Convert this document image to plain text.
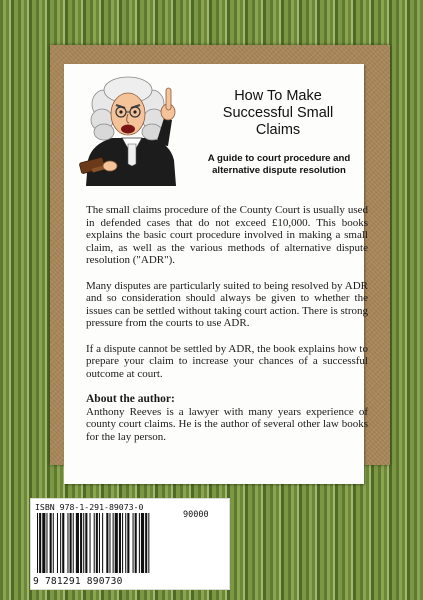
How To Make
Successful Small
Claims
A guide to court procedure and
alternative dispute resolution

The small claims procedure of the County Court is usually used in defended cases that do not exceed £10,000. This books explains the basic court procedure involved in making a small claim, as well as the various methods of alternative dispute resolution ("ADR").

Many disputes are particularly suited to being resolved by ADR and so consideration should always be given to whether the issues can be settled without taking court action. There is strong pressure from the courts to use ADR.

If a dispute cannot be settled by ADR, the book explains how to prepare your claim to increase your chances of a successful outcome at court.

About the author:
Anthony Reeves is a lawyer with many years experience of county court claims. He is the author of several other law books for the lay person.
ISBN 978-1-291-89073-0
90000
9 781291 890730
